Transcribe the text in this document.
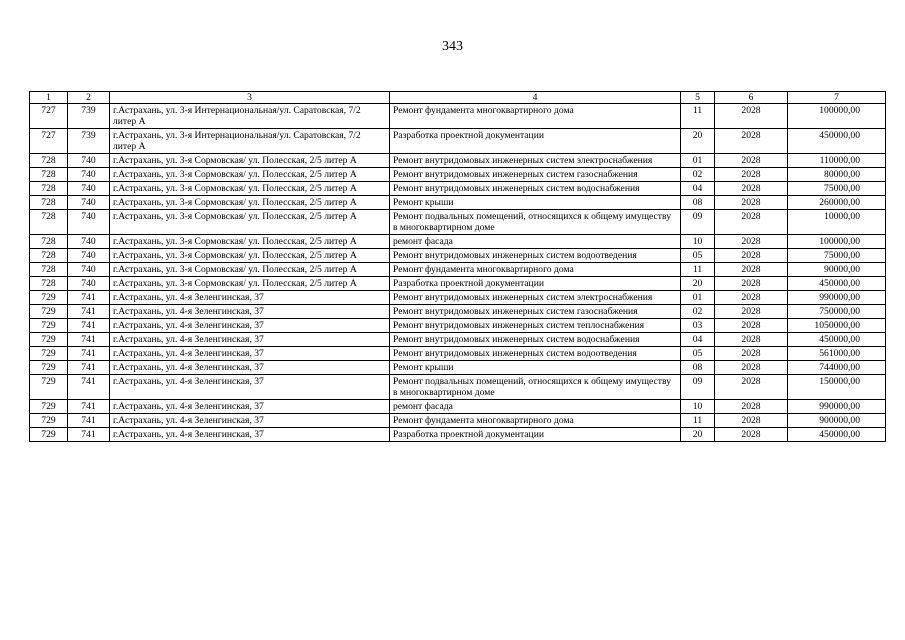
343
1	2	3	4	5	6	7
727	739	г.Астрахань, ул. 3-я Интернациональная/ул. Саратовская, 7/2 литер А	Ремонт фундамента многоквартирного дома	11	2028	100000,00
727	739	г.Астрахань, ул. 3-я Интернациональная/ул. Саратовская, 7/2 литер А	Разработка проектной документации	20	2028	450000,00
728	740	г.Астрахань, ул. 3-я Сормовская/ ул. Полесская, 2/5 литер А	Ремонт внутридомовых инженерных систем электроснабжения	01	2028	110000,00
728	740	г.Астрахань, ул. 3-я Сормовская/ ул. Полесская, 2/5 литер А	Ремонт внутридомовых инженерных систем газоснабжения	02	2028	80000,00
728	740	г.Астрахань, ул. 3-я Сормовская/ ул. Полесская, 2/5 литер А	Ремонт внутридомовых инженерных систем водоснабжения	04	2028	75000,00
728	740	г.Астрахань, ул. 3-я Сормовская/ ул. Полесская, 2/5 литер А	Ремонт крыши	08	2028	260000,00
728	740	г.Астрахань, ул. 3-я Сормовская/ ул. Полесская, 2/5 литер А	Ремонт подвальных помещений, относящихся к общему имуществу в многоквартирном доме	09	2028	10000,00
728	740	г.Астрахань, ул. 3-я Сормовская/ ул. Полесская, 2/5 литер А	ремонт фасада	10	2028	100000,00
728	740	г.Астрахань, ул. 3-я Сормовская/ ул. Полесская, 2/5 литер А	Ремонт внутридомовых инженерных систем водоотведения	05	2028	75000,00
728	740	г.Астрахань, ул. 3-я Сормовская/ ул. Полесская, 2/5 литер А	Ремонт фундамента многоквартирного дома	11	2028	90000,00
728	740	г.Астрахань, ул. 3-я Сормовская/ ул. Полесская, 2/5 литер А	Разработка проектной документации	20	2028	450000,00
729	741	г.Астрахань, ул. 4-я Зеленгинская, 37	Ремонт внутридомовых инженерных систем электроснабжения	01	2028	990000,00
729	741	г.Астрахань, ул. 4-я Зеленгинская, 37	Ремонт внутридомовых инженерных систем газоснабжения	02	2028	750000,00
729	741	г.Астрахань, ул. 4-я Зеленгинская, 37	Ремонт внутридомовых инженерных систем теплоснабжения	03	2028	1050000,00
729	741	г.Астрахань, ул. 4-я Зеленгинская, 37	Ремонт внутридомовых инженерных систем водоснабжения	04	2028	450000,00
729	741	г.Астрахань, ул. 4-я Зеленгинская, 37	Ремонт внутридомовых инженерных систем водоотведения	05	2028	561000,00
729	741	г.Астрахань, ул. 4-я Зеленгинская, 37	Ремонт крыши	08	2028	744000,00
729	741	г.Астрахань, ул. 4-я Зеленгинская, 37	Ремонт подвальных помещений, относящихся к общему имуществу в многоквартирном доме	09	2028	150000,00
729	741	г.Астрахань, ул. 4-я Зеленгинская, 37	ремонт фасада	10	2028	990000,00
729	741	г.Астрахань, ул. 4-я Зеленгинская, 37	Ремонт фундамента многоквартирного дома	11	2028	900000,00
729	741	г.Астрахань, ул. 4-я Зеленгинская, 37	Разработка проектной документации	20	2028	450000,00
